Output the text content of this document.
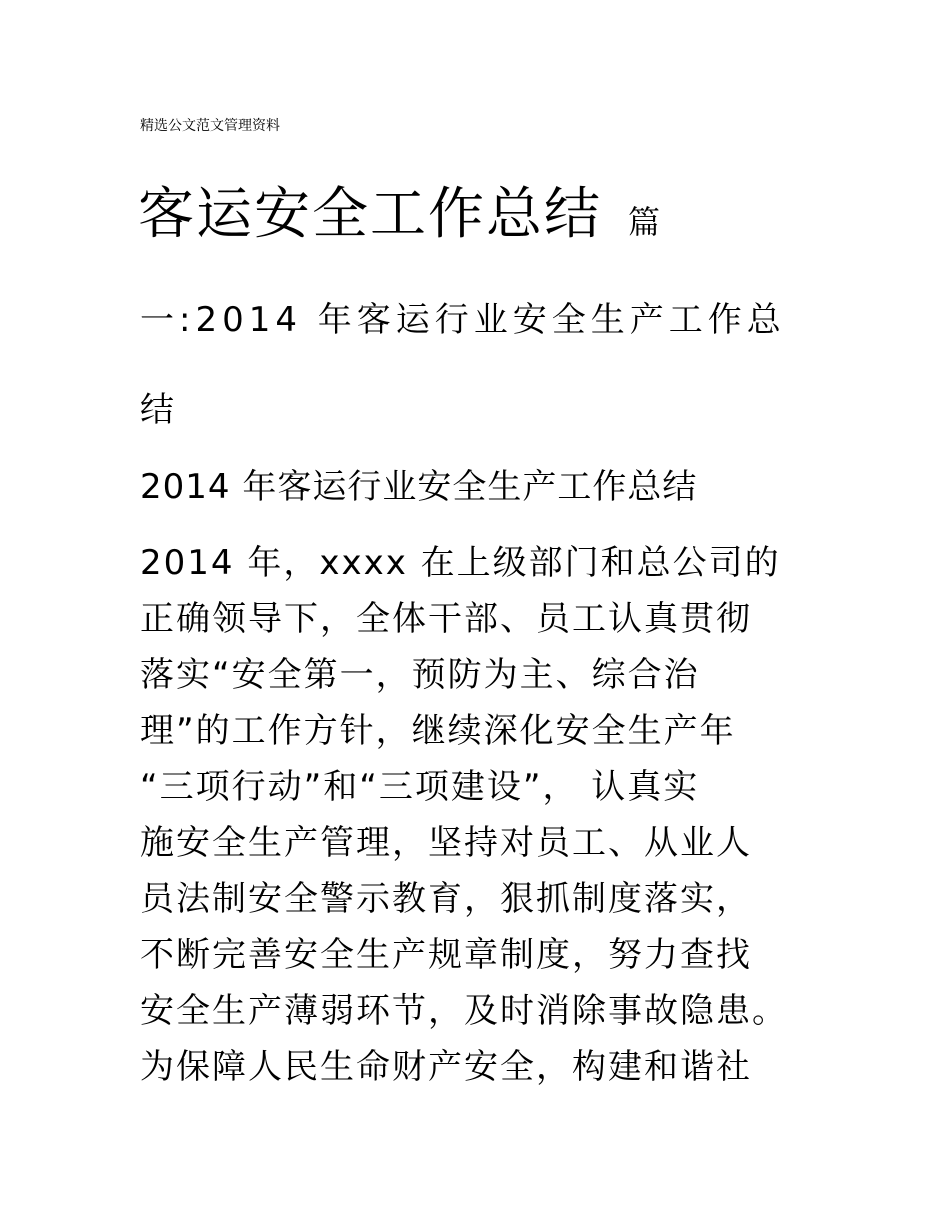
精选公文范文管理资料
客运安全工作总结 篇
一:2014 年客运行业安全生产工作总
结
2014 年客运行业安全生产工作总结
2014 年，xxxx 在上级部门和总公司的
正确领导下，全体干部、员工认真贯彻
落实“安全第一，预防为主、综合治
理”的工作方针，继续深化安全生产年
“三项行动”和“三项建设”， 认真实
施安全生产管理，坚持对员工、从业人
员法制安全警示教育，狠抓制度落实，
不断完善安全生产规章制度，努力查找
安全生产薄弱环节，及时消除事故隐患。
为保障人民生命财产安全，构建和谐社
